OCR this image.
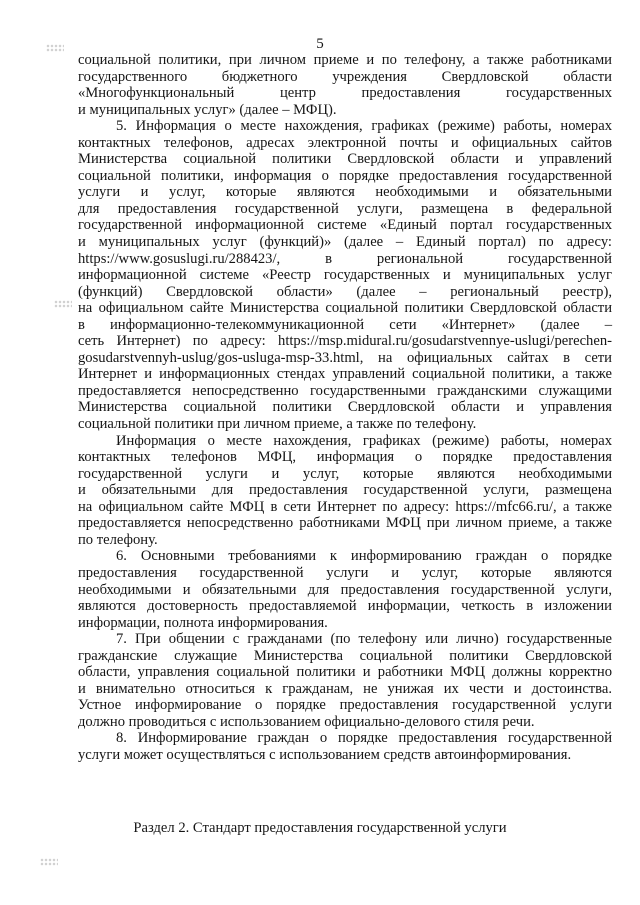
5
социальной политики, при личном приеме и по телефону, а также работниками
государственного бюджетного учреждения Свердловской области
«Многофункциональный центр предоставления государственных
и муниципальных услуг» (далее – МФЦ).
5. Информация о месте нахождения, графиках (режиме) работы, номерах
контактных телефонов, адресах электронной почты и официальных сайтов
Министерства социальной политики Свердловской области и управлений
социальной политики, информация о порядке предоставления государственной
услуги и услуг, которые являются необходимыми и обязательными
для предоставления государственной услуги, размещена в федеральной
государственной информационной системе «Единый портал государственных
и муниципальных услуг (функций)» (далее – Единый портал) по адресу:
https://www.gosuslugi.ru/288423/, в региональной государственной
информационной системе «Реестр государственных и муниципальных услуг
(функций) Свердловской области» (далее – региональный реестр),
на официальном сайте Министерства социальной политики Свердловской области
в информационно-телекоммуникационной сети «Интернет» (далее –
сеть Интернет) по адресу: https://msp.midural.ru/gosudarstvennye-uslugi/perechen-
gosudarstvennyh-uslug/gos-usluga-msp-33.html, на официальных сайтах в сети
Интернет и информационных стендах управлений социальной политики, а также
предоставляется непосредственно государственными гражданскими служащими
Министерства социальной политики Свердловской области и управления
социальной политики при личном приеме, а также по телефону.
Информация о месте нахождения, графиках (режиме) работы, номерах
контактных телефонов МФЦ, информация о порядке предоставления
государственной услуги и услуг, которые являются необходимыми
и обязательными для предоставления государственной услуги, размещена
на официальном сайте МФЦ в сети Интернет по адресу: https://mfc66.ru/, а также
предоставляется непосредственно работниками МФЦ при личном приеме, а также
по телефону.
6. Основными требованиями к информированию граждан о порядке
предоставления государственной услуги и услуг, которые являются
необходимыми и обязательными для предоставления государственной услуги,
являются достоверность предоставляемой информации, четкость в изложении
информации, полнота информирования.
7. При общении с гражданами (по телефону или лично) государственные
гражданские служащие Министерства социальной политики Свердловской
области, управления социальной политики и работники МФЦ должны корректно
и внимательно относиться к гражданам, не унижая их чести и достоинства.
Устное информирование о порядке предоставления государственной услуги
должно проводиться с использованием официально-делового стиля речи.
8. Информирование граждан о порядке предоставления государственной
услуги может осуществляться с использованием средств автоинформирования.
Раздел 2. Стандарт предоставления государственной услуги
